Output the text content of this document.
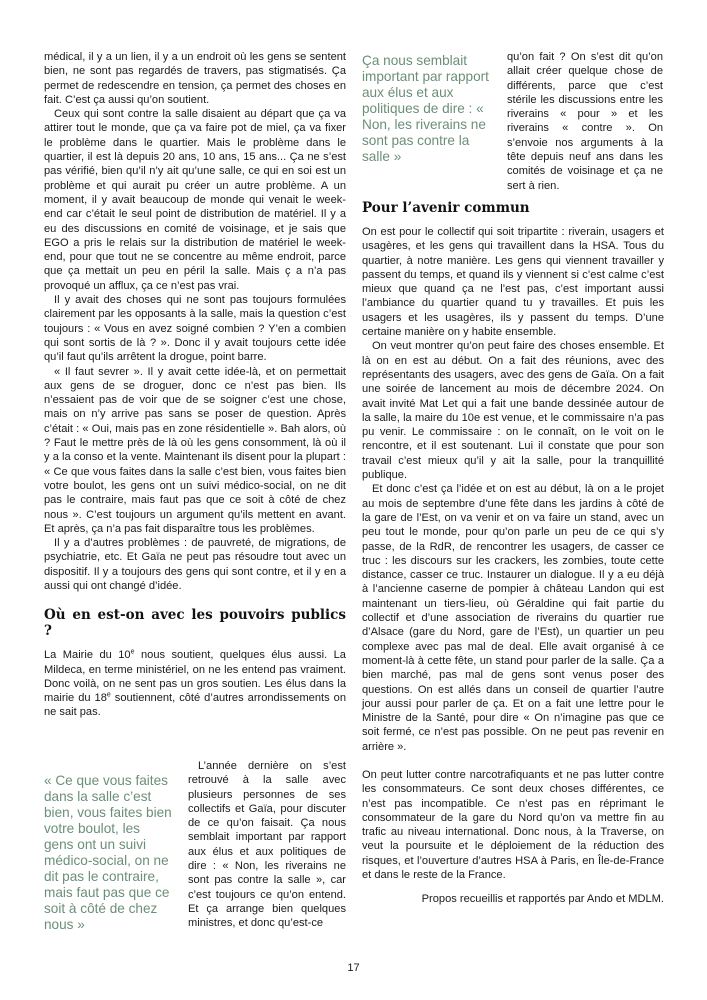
médical, il y a un lien, il y a un endroit où les gens se sentent bien, ne sont pas regardés de travers, pas stigmatisés. Ça permet de redescendre en tension, ça permet des choses en fait. C’est ça aussi qu’on soutient.

Ceux qui sont contre la salle disaient au départ que ça va attirer tout le monde, que ça va faire pot de miel, ça va fixer le problème dans le quartier. Mais le problème dans le quartier, il est là depuis 20 ans, 10 ans, 15 ans... Ça ne s’est pas vérifié, bien qu’il n’y ait qu’une salle, ce qui en soi est un problème et qui aurait pu créer un autre problème. A un moment, il y avait beaucoup de monde qui venait le week-end car c’était le seul point de distribution de matériel. Il y a eu des discussions en comité de voisinage, et je sais que EGO a pris le relais sur la distribution de matériel le week-end, pour que tout ne se concentre au même endroit, parce que ça mettait un peu en péril la salle. Mais ç a n’a pas provoqué un afflux, ça ce n’est pas vrai.

Il y avait des choses qui ne sont pas toujours formulées clairement par les opposants à la salle, mais la question c’est toujours : « Vous en avez soigné combien ? Y’en a combien qui sont sortis de là ? ». Donc il y avait toujours cette idée qu’il faut qu’ils arrêtent la drogue, point barre.

« Il faut sevrer ». Il y avait cette idée-là, et on permettait aux gens de se droguer, donc ce n’est pas bien. Ils n’essaient pas de voir que de se soigner c’est une chose, mais on n’y arrive pas sans se poser de question. Après c’était : « Oui, mais pas en zone résidentielle ». Bah alors, où ? Faut le mettre près de là où les gens consomment, là où il y a la conso et la vente. Maintenant ils disent pour la plupart : « Ce que vous faites dans la salle c’est bien, vous faites bien votre boulot, les gens ont un suivi médico-social, on ne dit pas le contraire, mais faut pas que ce soit à côté de chez nous ». C’est toujours un argument qu’ils mettent en avant. Et après, ça n’a pas fait disparaître tous les problèmes.

Il y a d’autres problèmes : de pauvreté, de migrations, de psychiatrie, etc. Et Gaïa ne peut pas résoudre tout avec un dispositif. Il y a toujours des gens qui sont contre, et il y en a aussi qui ont changé d’idée.

Où en est-on avec les pouvoirs publics ?

La Mairie du 10e nous soutient, quelques élus aussi. La Mildeca, en terme ministériel, on ne les entend pas vraiment. Donc voilà, on ne sent pas un gros soutien. Les élus dans la mairie du 18e soutiennent, côté d’autres arrondissements on ne sait pas.

« Ce que vous faites dans la salle c’est bien, vous faites bien votre boulot, les gens ont un suivi médico-social, on ne dit pas le contraire, mais faut pas que ce soit à côté de chez nous »

L’année dernière on s’est retrouvé à la salle avec plusieurs personnes de ses collectifs et Gaïa, pour discuter de ce qu’on faisait. Ça nous semblait important par rapport aux élus et aux politiques de dire : « Non, les riverains ne sont pas contre la salle », car c’est toujours ce qu’on entend. Et ça arrange bien quelques ministres, et donc qu’est-ce

Ça nous semblait important par rapport aux élus et aux politiques de dire : « Non, les riverains ne sont pas contre la salle »

qu’on fait ? On s’est dit qu’on allait créer quelque chose de différents, parce que c’est stérile les discussions entre les riverains « pour » et les riverains « contre ». On s’envoie nos arguments à la tête depuis neuf ans dans les comités de voisinage et ça ne sert à rien.

Pour l’avenir commun

On est pour le collectif qui soit tripartite : riverain, usagers et usagères, et les gens qui travaillent dans la HSA. Tous du quartier, à notre manière. Les gens qui viennent travailler y passent du temps, et quand ils y viennent si c’est calme c’est mieux que quand ça ne l’est pas, c’est important aussi l’ambiance du quartier quand tu y travailles. Et puis les usagers et les usagères, ils y passent du temps. D’une certaine manière on y habite ensemble.

On veut montrer qu’on peut faire des choses ensemble. Et là on en est au début. On a fait des réunions, avec des représentants des usagers, avec des gens de Gaïa. On a fait une soirée de lancement au mois de décembre 2024. On avait invité Mat Let qui a fait une bande dessinée autour de la salle, la maire du 10e est venue, et le commissaire n’a pas pu venir. Le commissaire : on le connaît, on le voit on le rencontre, et il est soutenant. Lui il constate que pour son travail c’est mieux qu’il y ait la salle, pour la tranquillité publique.

Et donc c’est ça l’idée et on est au début, là on a le projet au mois de septembre d’une fête dans les jardins à côté de la gare de l’Est, on va venir et on va faire un stand, avec un peu tout le monde, pour qu’on parle un peu de ce qui s’y passe, de la RdR, de rencontrer les usagers, de casser ce truc : les discours sur les crackers, les zombies, toute cette distance, casser ce truc. Instaurer un dialogue. Il y a eu déjà à l’ancienne caserne de pompier à château Landon qui est maintenant un tiers-lieu, où Géraldine qui fait partie du collectif et d’une association de riverains du quartier rue d’Alsace (gare du Nord, gare de l’Est), un quartier un peu complexe avec pas mal de deal. Elle avait organisé à ce moment-là à cette fête, un stand pour parler de la salle. Ça a bien marché, pas mal de gens sont venus poser des questions. On est allés dans un conseil de quartier l’autre jour aussi pour parler de ça. Et on a fait une lettre pour le Ministre de la Santé, pour dire « On n’imagine pas que ce soit fermé, ce n’est pas possible. On ne peut pas revenir en arrière ».

On peut lutter contre narcotrafiquants et ne pas lutter contre les consommateurs. Ce sont deux choses différentes, ce n’est pas incompatible. Ce n’est pas en réprimant le consommateur de la gare du Nord qu’on va mettre fin au trafic au niveau international. Donc nous, à la Traverse, on veut la poursuite et le déploiement de la réduction des risques, et l’ouverture d’autres HSA à Paris, en Île-de-France et dans le reste de la France.

Propos recueillis et rapportés par Ando et MDLM.

17
